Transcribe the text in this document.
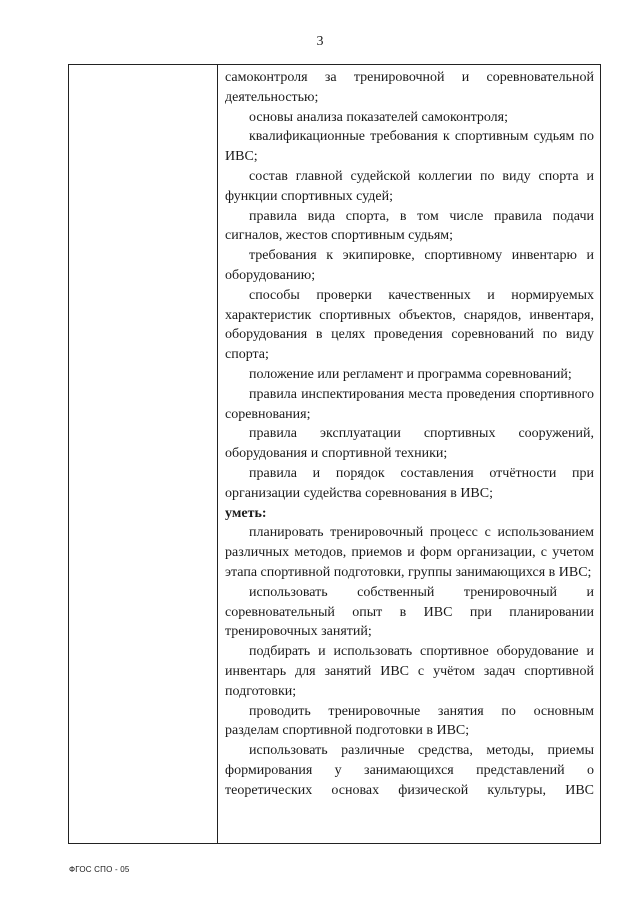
3

самоконтроля за тренировочной и соревновательной деятельностью;

основы анализа показателей самоконтроля;

квалификационные требования к спортивным судьям по ИВС;

состав главной судейской коллегии по виду спорта и функции спортивных судей;

правила вида спорта, в том числе правила подачи сигналов, жестов спортивным судьям;

требования к экипировке, спортивному инвентарю и оборудованию;

способы проверки качественных и нормируемых характеристик спортивных объектов, снарядов, инвентаря, оборудования в целях проведения соревнований по виду спорта;

положение или регламент и программа соревнований;

правила инспектирования места проведения спортивного соревнования;

правила эксплуатации спортивных сооружений, оборудования и спортивной техники;

правила и порядок составления отчётности при организации судейства соревнования в ИВС;

уметь:

планировать тренировочный процесс с использованием различных методов, приемов и форм организации, с учетом этапа спортивной подготовки, группы занимающихся в ИВС;

использовать собственный тренировочный и соревновательный опыт в ИВС при планировании тренировочных занятий;

подбирать и использовать спортивное оборудование и инвентарь для занятий ИВС с учётом задач спортивной подготовки;

проводить тренировочные занятия по основным разделам спортивной подготовки в ИВС;

использовать различные средства, методы, приемы формирования у занимающихся представлений о теоретических основах физической культуры, ИВС

ФГОС СПО - 05
